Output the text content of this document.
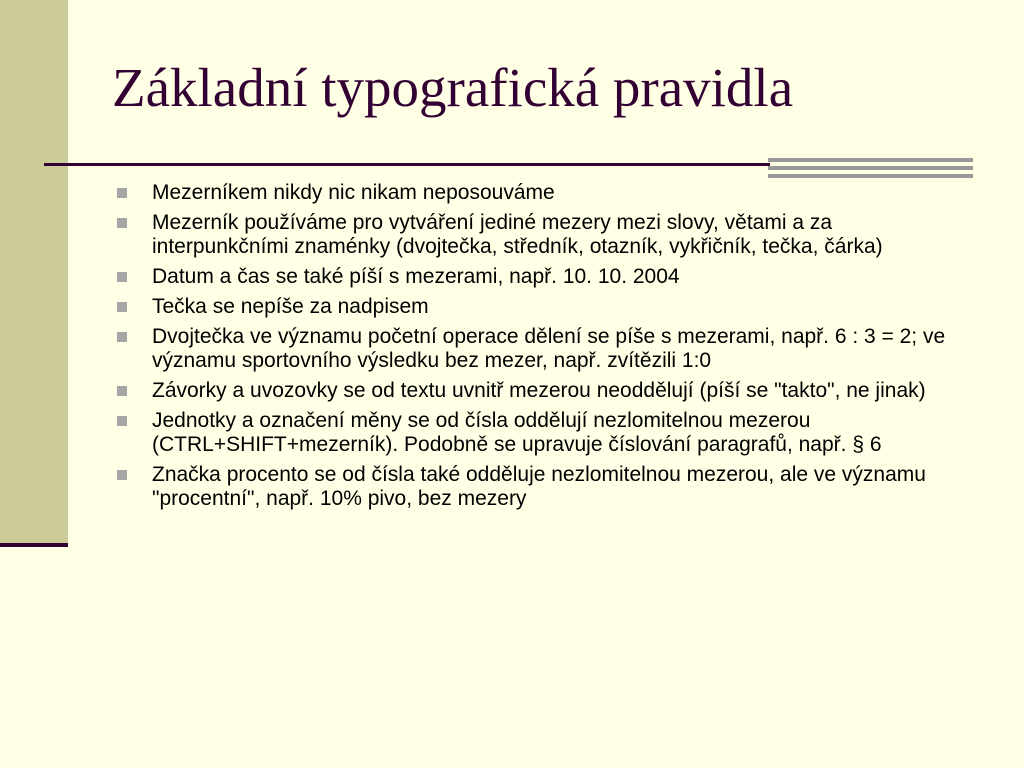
Základní typografická pravidla
Mezerníkem nikdy nic nikam neposouváme
Mezerník používáme pro vytváření jediné mezery mezi slovy, větami a za interpunkčními znaménky (dvojtečka, středník, otazník, vykřičník, tečka, čárka)
Datum a čas se také píší s mezerami, např. 10. 10. 2004
Tečka se nepíše za nadpisem
Dvojtečka ve významu početní operace dělení se píše s mezerami, např. 6 : 3 = 2; ve významu sportovního výsledku bez mezer, např. zvítězili 1:0
Závorky a uvozovky se od textu uvnitř mezerou neoddělují (píší se "takto", ne jinak)
Jednotky a označení měny se od čísla oddělují nezlomitelnou mezerou (CTRL+SHIFT+mezerník). Podobně se upravuje číslování paragrafů, např. § 6
Značka procento se od čísla také odděluje nezlomitelnou mezerou, ale ve významu "procentní", např. 10% pivo, bez mezery
